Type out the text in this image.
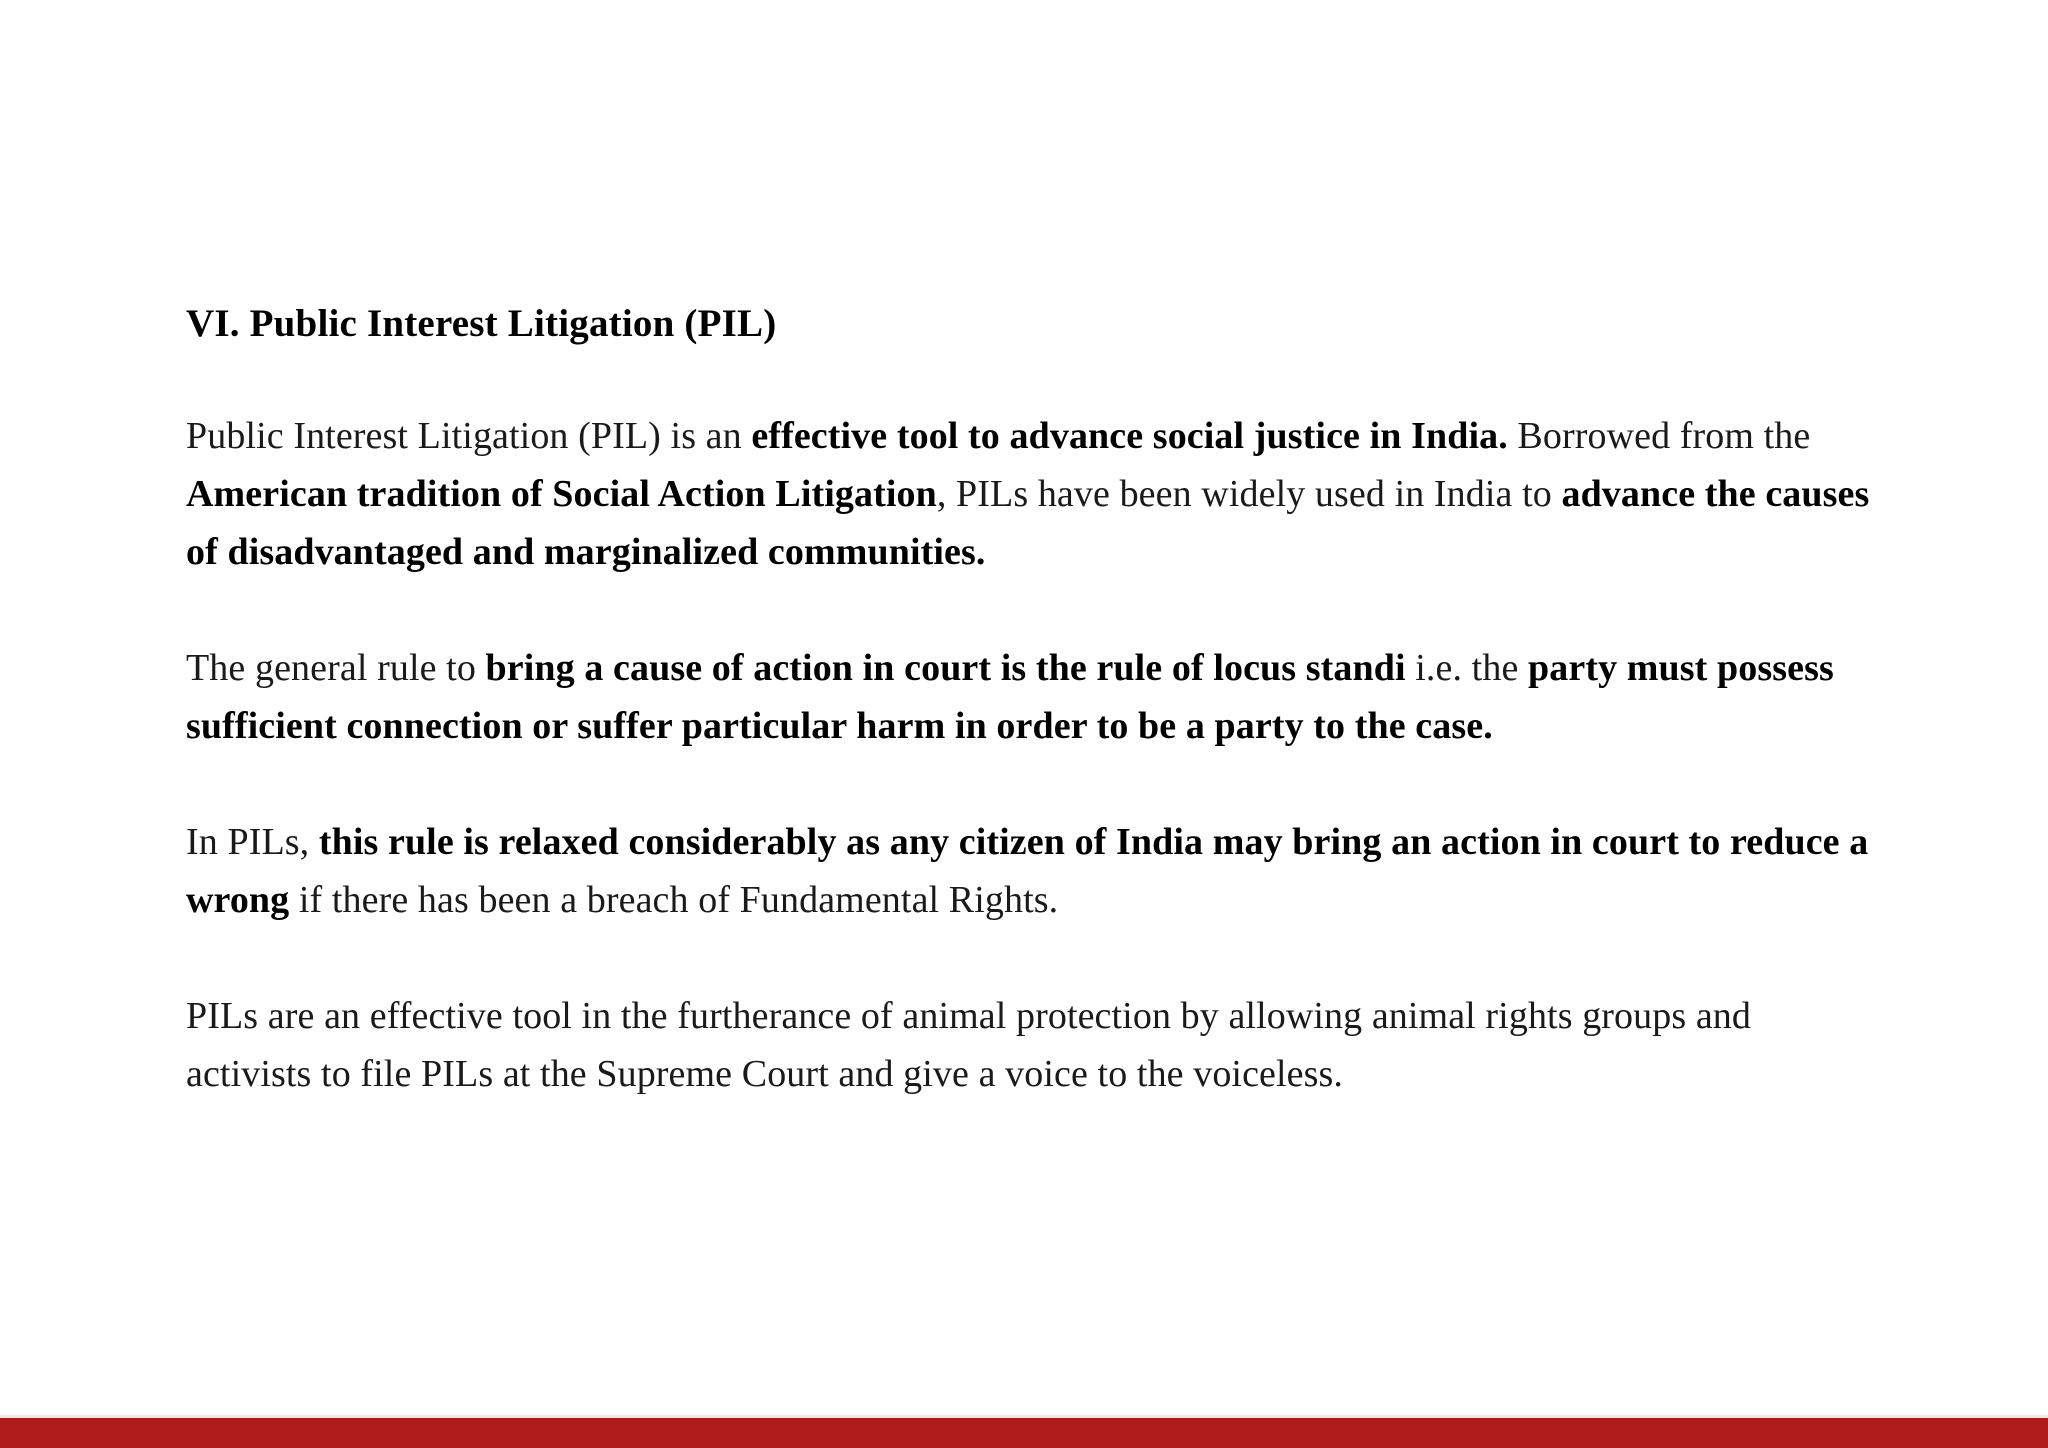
VI. Public Interest Litigation (PIL)

Public Interest Litigation (PIL) is an effective tool to advance social justice in India. Borrowed from the American tradition of Social Action Litigation, PILs have been widely used in India to advance the causes of disadvantaged and marginalized communities.

The general rule to bring a cause of action in court is the rule of locus standi i.e. the party must possess sufficient connection or suffer particular harm in order to be a party to the case.

In PILs, this rule is relaxed considerably as any citizen of India may bring an action in court to reduce a wrong if there has been a breach of Fundamental Rights.

PILs are an effective tool in the furtherance of animal protection by allowing animal rights groups and activists to file PILs at the Supreme Court and give a voice to the voiceless.
